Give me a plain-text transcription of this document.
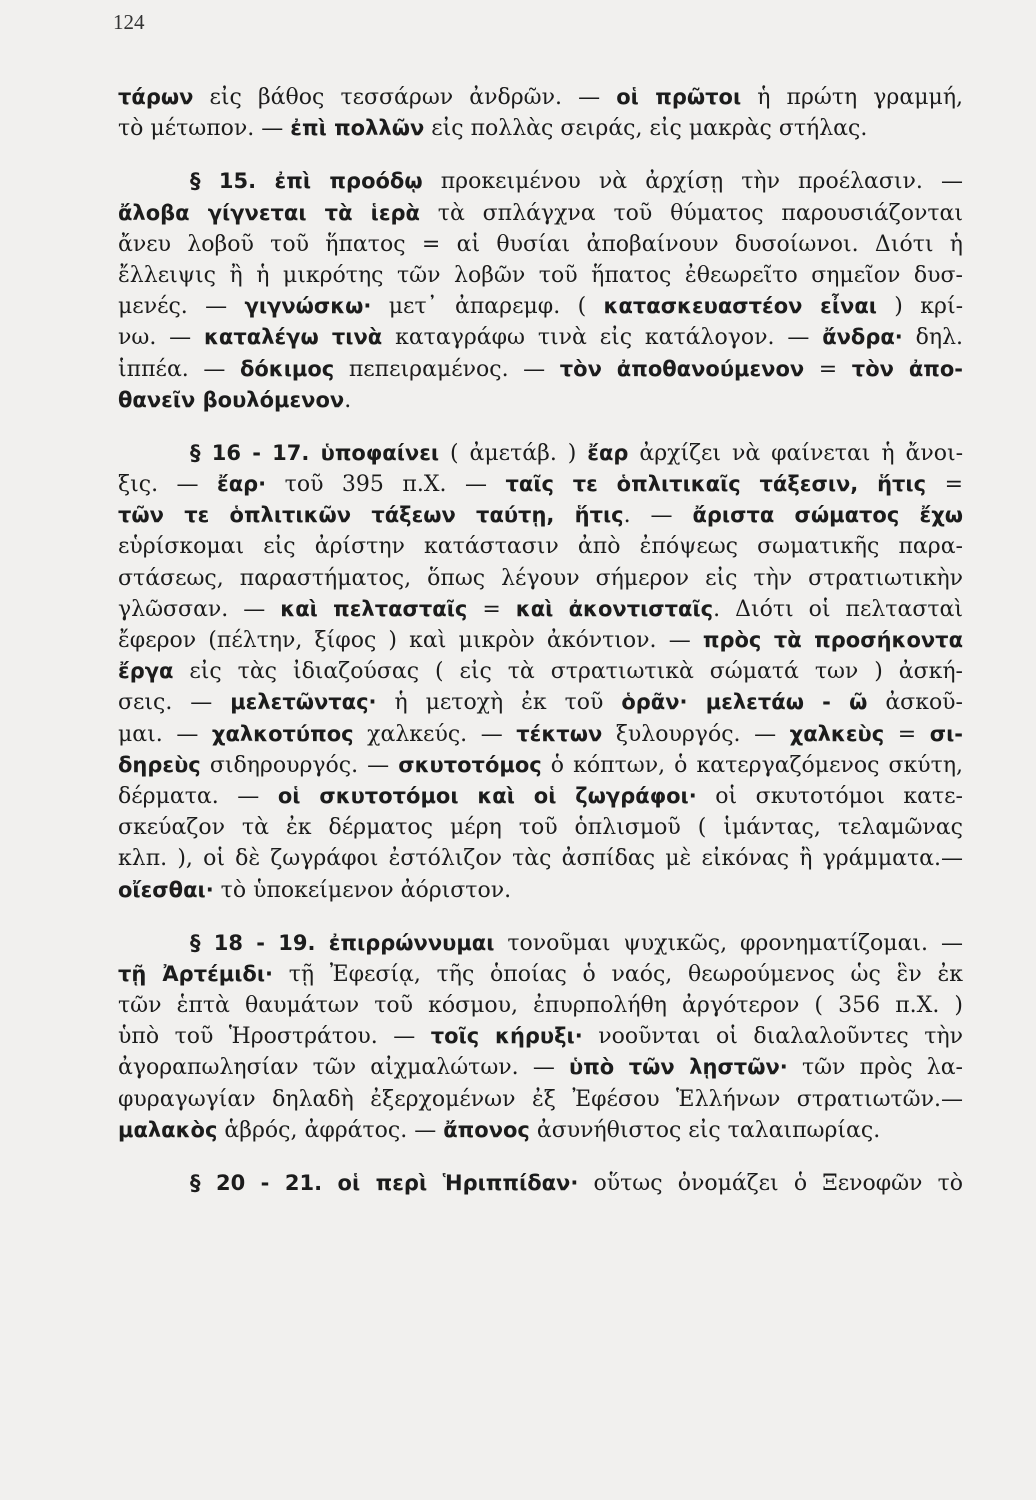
124
τάρων εἰς βάθος τεσσάρων ἀνδρῶν. — οἱ πρῶτοι ἡ πρώτη γραμμή,
τὸ μέτωπον. — ἐπὶ πολλῶν εἰς πολλὰς σειράς, εἰς μακρὰς στήλας.
§ 15. ἐπὶ προόδῳ προκειμένου νὰ ἀρχίσῃ τὴν προέλασιν. —
ἄλοβα γίγνεται τὰ ἱερὰ τὰ σπλάγχνα τοῦ θύματος παρουσιάζονται
ἄνευ λοβοῦ τοῦ ἥπατος = αἱ θυσίαι ἀποβαίνουν δυσοίωνοι. Διότι ἡ
ἔλλειψις ἢ ἡ μικρότης τῶν λοβῶν τοῦ ἥπατος ἐθεωρεῖτο σημεῖον δυσ-
μενές. — γιγνώσκω· μετ᾽ ἀπαρεμφ. ( κατασκευαστέον εἶναι ) κρί-
νω. — καταλέγω τινὰ καταγράφω τινὰ εἰς κατάλογον. — ἄνδρα· δηλ.
ἱππέα. — δόκιμος πεπειραμένος. — τὸν ἀποθανούμενον = τὸν ἀπο-
θανεῖν βουλόμενον.
§ 16 - 17. ὑποφαίνει ( ἀμετάβ. ) ἔαρ ἀρχίζει νὰ φαίνεται ἡ ἄνοι-
ξις. — ἔαρ· τοῦ 395 π.Χ. — ταῖς τε ὁπλιτικαῖς τάξεσιν, ἥτις =
τῶν τε ὁπλιτικῶν τάξεων ταύτῃ, ἥτις. — ἄριστα σώματος ἔχω
εὑρίσκομαι εἰς ἀρίστην κατάστασιν ἀπὸ ἐπόψεως σωματικῆς παρα-
στάσεως, παραστήματος, ὅπως λέγουν σήμερον εἰς τὴν στρατιωτικὴν
γλῶσσαν. — καὶ πελτασταῖς = καὶ ἀκοντισταῖς. Διότι οἱ πελτασταὶ
ἔφερον (πέλτην, ξίφος ) καὶ μικρὸν ἀκόντιον. — πρὸς τὰ προσήκοντα
ἔργα εἰς τὰς ἰδιαζούσας ( εἰς τὰ στρατιωτικὰ σώματά των ) ἀσκή-
σεις. — μελετῶντας· ἡ μετοχὴ ἐκ τοῦ ὁρᾶν· μελετάω - ῶ ἀσκοῦ-
μαι. — χαλκοτύπος χαλκεύς. — τέκτων ξυλουργός. — χαλκεὺς = σι-
δηρεὺς σιδηρουργός. — σκυτοτόμος ὁ κόπτων, ὁ κατεργαζόμενος σκύτη,
δέρματα. — οἱ σκυτοτόμοι καὶ οἱ ζωγράφοι· οἱ σκυτοτόμοι κατε-
σκεύαζον τὰ ἐκ δέρματος μέρη τοῦ ὁπλισμοῦ ( ἱμάντας, τελαμῶνας
κλπ. ), οἱ δὲ ζωγράφοι ἐστόλιζον τὰς ἀσπίδας μὲ εἰκόνας ἢ γράμματα.—
οἴεσθαι· τὸ ὑποκείμενον ἀόριστον.
§ 18 - 19. ἐπιρρώννυμαι τονοῦμαι ψυχικῶς, φρονηματίζομαι. —
τῇ Ἀρτέμιδι· τῇ Ἐφεσίᾳ, τῆς ὁποίας ὁ ναός, θεωρούμενος ὡς ἓν ἐκ
τῶν ἑπτὰ θαυμάτων τοῦ κόσμου, ἐπυρπολήθη ἀργότερον ( 356 π.Χ. )
ὑπὸ τοῦ Ἡροστράτου. — τοῖς κήρυξι· νοοῦνται οἱ διαλαλοῦντες τὴν
ἀγοραπωλησίαν τῶν αἰχμαλώτων. — ὑπὸ τῶν λῃστῶν· τῶν πρὸς λα-
φυραγωγίαν δηλαδὴ ἐξερχομένων ἐξ Ἐφέσου Ἑλλήνων στρατιωτῶν.—
μαλακὸς ἁβρός, ἀφράτος. — ἄπονος ἀσυνήθιστος εἰς ταλαιπωρίας.
§ 20 - 21. οἱ περὶ Ἡριππίδαν· οὕτως ὀνομάζει ὁ Ξενοφῶν τὸ
